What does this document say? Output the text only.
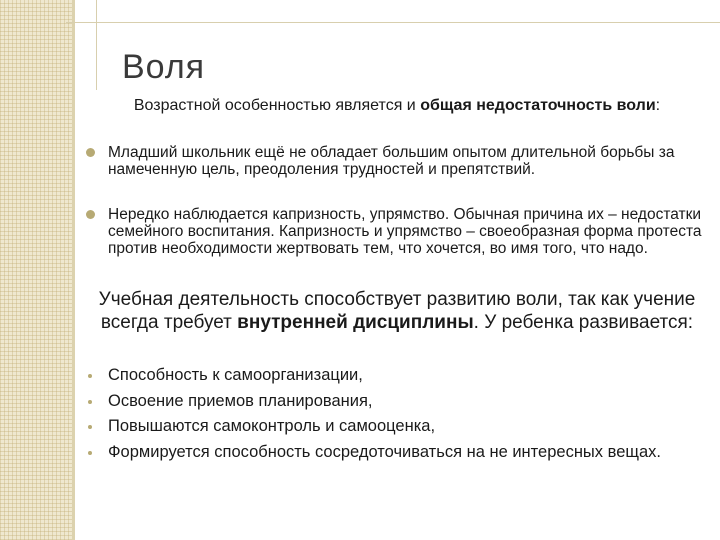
Воля
Возрастной особенностью является и общая недостаточность воли:
Младший школьник ещё не обладает большим опытом длительной борьбы за намеченную цель, преодоления трудностей и препятствий.
Нередко наблюдается капризность, упрямство. Обычная причина их – недостатки семейного воспитания. Капризность и упрямство – своеобразная форма протеста против необходимости жертвовать тем, что хочется, во имя того, что надо.
Учебная деятельность способствует развитию воли, так как учение всегда требует внутренней дисциплины. У ребенка развивается:
Способность к самоорганизации,
Освоение приемов планирования,
Повышаются самоконтроль и самооценка,
Формируется способность сосредоточиваться на не интересных вещах.
